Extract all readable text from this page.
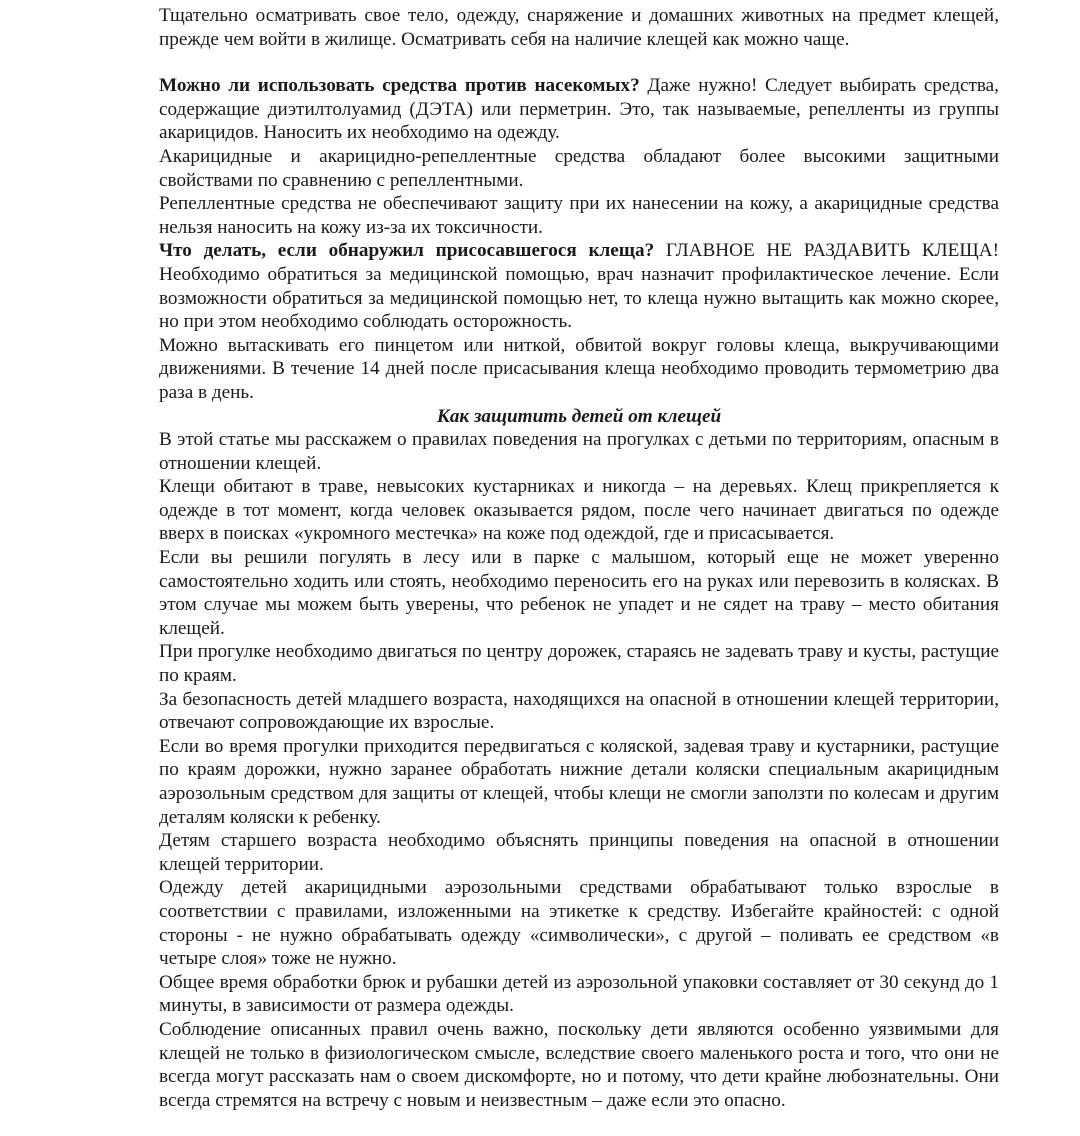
Тщательно осматривать свое тело, одежду, снаряжение и домашних животных на предмет клещей, прежде чем войти в жилище. Осматривать себя на наличие клещей как можно чаще.

Можно ли использовать средства против насекомых? Даже нужно! Следует выбирать средства, содержащие диэтилтолуамид (ДЭТА) или перметрин. Это, так называемые, репелленты из группы акарицидов. Наносить их необходимо на одежду.

Акарицидные и акарицидно-репеллентные средства обладают более высокими защитными свойствами по сравнению с репеллентными.

Репеллентные средства не обеспечивают защиту при их нанесении на кожу, а акарицидные средства нельзя наносить на кожу из-за их токсичности.

Что делать, если обнаружил присосавшегося клеща? ГЛАВНОЕ НЕ РАЗДАВИТЬ КЛЕЩА! Необходимо обратиться за медицинской помощью, врач назначит профилактическое лечение. Если возможности обратиться за медицинской помощью нет, то клеща нужно вытащить как можно скорее, но при этом необходимо соблюдать осторожность.

Можно вытаскивать его пинцетом или ниткой, обвитой вокруг головы клеща, выкручивающими движениями. В течение 14 дней после присасывания клеща необходимо проводить термометрию два раза в день.

Как защитить детей от клещей

В этой статье мы расскажем о правилах поведения на прогулках с детьми по территориям, опасным в отношении клещей.

Клещи обитают в траве, невысоких кустарниках и никогда – на деревьях. Клещ прикрепляется к одежде в тот момент, когда человек оказывается рядом, после чего начинает двигаться по одежде вверх в поисках «укромного местечка» на коже под одеждой, где и присасывается.

Если вы решили погулять в лесу или в парке с малышом, который еще не может уверенно самостоятельно ходить или стоять, необходимо переносить его на руках или перевозить в колясках. В этом случае мы можем быть уверены, что ребенок не упадет и не сядет на траву – место обитания клещей.

При прогулке необходимо двигаться по центру дорожек, стараясь не задевать траву и кусты, растущие по краям.

За безопасность детей младшего возраста, находящихся на опасной в отношении клещей территории, отвечают сопровождающие их взрослые.

Если во время прогулки приходится передвигаться с коляской, задевая траву и кустарники, растущие по краям дорожки, нужно заранее обработать нижние детали коляски специальным акарицидным аэрозольным средством для защиты от клещей, чтобы клещи не смогли заползти по колесам и другим деталям коляски к ребенку.

Детям старшего возраста необходимо объяснять принципы поведения на опасной в отношении клещей территории.

Одежду детей акарицидными аэрозольными средствами обрабатывают только взрослые в соответствии с правилами, изложенными на этикетке к средству. Избегайте крайностей: с одной стороны - не нужно обрабатывать одежду «символически», с другой – поливать ее средством «в четыре слоя» тоже не нужно.

Общее время обработки брюк и рубашки детей из аэрозольной упаковки составляет от 30 секунд до 1 минуты, в зависимости от размера одежды.

Соблюдение описанных правил очень важно, поскольку дети являются особенно уязвимыми для клещей не только в физиологическом смысле, вследствие своего маленького роста и того, что они не всегда могут рассказать нам о своем дискомфорте, но и потому, что дети крайне любознательны. Они всегда стремятся на встречу с новым и неизвестным – даже если это опасно.
